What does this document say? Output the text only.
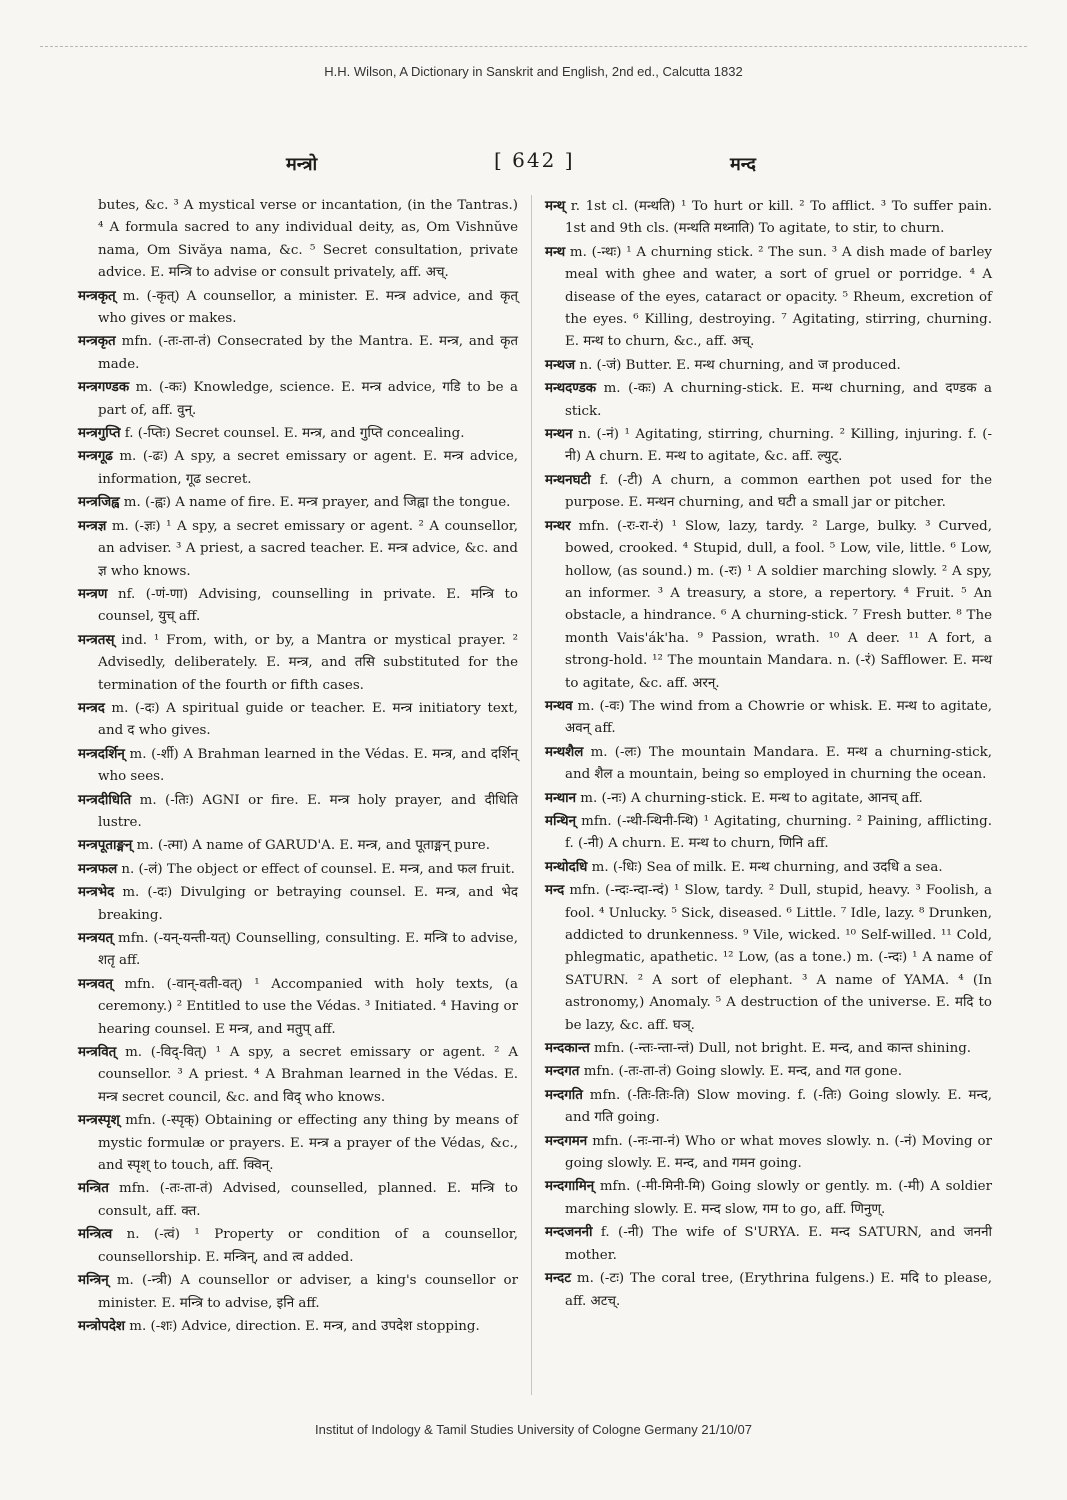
H.H. Wilson, A Dictionary in Sanskrit and English, 2nd ed., Calcutta 1832
मन्त्रो	[ 642 ]	मन्द

butes, &c. ³ A mystical verse or incantation, (in the Tantras.) ⁴ A formula sacred to any individual deity, as, Om Vishnŭve nama, Om Sivăya nama, &c. ⁵ Secret consultation, private advice. E. मन्त्रि to advise or consult privately, aff. अच्.

मन्त्रकृत् m. (-कृत्) A counsellor, a minister. E. मन्त्र advice, and कृत् who gives or makes.

मन्त्रकृत mfn. (-तः-ता-तं) Consecrated by the Mantra. E. मन्त्र, and कृत made.

मन्त्रगण्डक m. (-कः) Knowledge, science. E. मन्त्र advice, गडि to be a part of, aff. वुन्.

मन्त्रगुप्ति f. (-प्तिः) Secret counsel. E. मन्त्र, and गुप्ति concealing.

मन्त्रगूढ m. (-ढः) A spy, a secret emissary or agent. E. मन्त्र advice, information, गूढ secret.

मन्त्रजिह्व m. (-ह्वः) A name of fire. E. मन्त्र prayer, and जिह्वा the tongue.

मन्त्रज्ञ m. (-ज्ञः) ¹ A spy, a secret emissary or agent. ² A counsellor, an adviser. ³ A priest, a sacred teacher. E. मन्त्र advice, &c. and ज्ञ who knows.

मन्त्रण nf. (-णं-णा) Advising, counselling in private. E. मन्त्रि to counsel, युच् aff.

मन्त्रतस् ind. ¹ From, with, or by, a Mantra or mystical prayer. ² Advisedly, deliberately. E. मन्त्र, and तसि substituted for the termination of the fourth or fifth cases.

मन्त्रद m. (-दः) A spiritual guide or teacher. E. मन्त्र initiatory text, and द who gives.

मन्त्रदर्शिन् m. (-र्शी) A Brahman learned in the Védas. E. मन्त्र, and दर्शिन् who sees.

मन्त्रदीधिति m. (-तिः) AGNI or fire. E. मन्त्र holy prayer, and दीधिति lustre.

मन्त्रपूताङ्मन् m. (-त्मा) A name of GARUD'A. E. मन्त्र, and पूताङ्मन् pure.

मन्त्रफल n. (-लं) The object or effect of counsel. E. मन्त्र, and फल fruit.

मन्त्रभेद m. (-दः) Divulging or betraying counsel. E. मन्त्र, and भेद breaking.

मन्त्रयत् mfn. (-यन्-यन्ती-यत्) Counselling, consulting. E. मन्त्रि to advise, शतृ aff.

मन्त्रवत् mfn. (-वान्-वती-वत्) ¹ Accompanied with holy texts, (a ceremony.) ² Entitled to use the Védas. ³ Initiated. ⁴ Having or hearing counsel. E मन्त्र, and मतुप् aff.

मन्त्रवित् m. (-विद्-वित्) ¹ A spy, a secret emissary or agent. ² A counsellor. ³ A priest. ⁴ A Brahman learned in the Védas. E. मन्त्र secret council, &c. and विद् who knows.

मन्त्रस्पृश् mfn. (-स्पृक्) Obtaining or effecting any thing by means of mystic formulæ or prayers. E. मन्त्र a prayer of the Védas, &c., and स्पृश् to touch, aff. क्विन्.

मन्त्रित mfn. (-तः-ता-तं) Advised, counselled, planned. E. मन्त्रि to consult, aff. क्त.

मन्त्रित्व n. (-त्वं) ¹ Property or condition of a counsellor, counsellorship. E. मन्त्रिन्, and त्व added.

मन्त्रिन् m. (-न्त्री) A counsellor or adviser, a king's counsellor or minister. E. मन्त्रि to advise, इनि aff.

मन्त्रोपदेश m. (-शः) Advice, direction. E. मन्त्र, and उपदेश stopping.

मन्थ् r. 1st cl. (मन्थति) ¹ To hurt or kill. ² To afflict. ³ To suffer pain. 1st and 9th cls. (मन्थति मथ्नाति) To agitate, to stir, to churn.

मन्थ m. (-न्थः) ¹ A churning stick. ² The sun. ³ A dish made of barley meal with ghee and water, a sort of gruel or porridge. ⁴ A disease of the eyes, cataract or opacity. ⁵ Rheum, excretion of the eyes. ⁶ Killing, destroying. ⁷ Agitating, stirring, churning. E. मन्थ to churn, &c., aff. अच्.

मन्थज n. (-जं) Butter. E. मन्थ churning, and ज produced.

मन्थदण्डक m. (-कः) A churning-stick. E. मन्थ churning, and दण्डक a stick.

मन्थन n. (-नं) ¹ Agitating, stirring, churning. ² Killing, injuring. f. (-नी) A churn. E. मन्थ to agitate, &c. aff. ल्युट्.

मन्थनघटी f. (-टी) A churn, a common earthen pot used for the purpose. E. मन्थन churning, and घटी a small jar or pitcher.

मन्थर mfn. (-रः-रा-रं) ¹ Slow, lazy, tardy. ² Large, bulky. ³ Curved, bowed, crooked. ⁴ Stupid, dull, a fool. ⁵ Low, vile, little. ⁶ Low, hollow, (as sound.) m. (-रः) ¹ A soldier marching slowly. ² A spy, an informer. ³ A treasury, a store, a repertory. ⁴ Fruit. ⁵ An obstacle, a hindrance. ⁶ A churning-stick. ⁷ Fresh butter. ⁸ The month Vais'ák'ha. ⁹ Passion, wrath. ¹⁰ A deer. ¹¹ A fort, a strong-hold. ¹² The mountain Mandara. n. (-रं) Safflower. E. मन्थ to agitate, &c. aff. अरन्.

मन्थव m. (-वः) The wind from a Chowrie or whisk. E. मन्थ to agitate, अवन् aff.

मन्थशैल m. (-लः) The mountain Mandara. E. मन्थ a churning-stick, and शैल a mountain, being so employed in churning the ocean.

मन्थान m. (-नः) A churning-stick. E. मन्थ to agitate, आनच् aff.

मन्थिन् mfn. (-न्थी-न्थिनी-न्थि) ¹ Agitating, churning. ² Paining, afflicting. f. (-नी) A churn. E. मन्थ to churn, णिनि aff.

मन्थोदधि m. (-धिः) Sea of milk. E. मन्थ churning, and उदधि a sea.

मन्द mfn. (-न्दः-न्दा-न्दं) ¹ Slow, tardy. ² Dull, stupid, heavy. ³ Foolish, a fool. ⁴ Unlucky. ⁵ Sick, diseased. ⁶ Little. ⁷ Idle, lazy. ⁸ Drunken, addicted to drunkenness. ⁹ Vile, wicked. ¹⁰ Self-willed. ¹¹ Cold, phlegmatic, apathetic. ¹² Low, (as a tone.) m. (-न्दः) ¹ A name of SATURN. ² A sort of elephant. ³ A name of YAMA. ⁴ (In astronomy,) Anomaly. ⁵ A destruction of the universe. E. मदि to be lazy, &c. aff. घञ्.

मन्दकान्त mfn. (-न्तः-न्ता-न्तं) Dull, not bright. E. मन्द, and कान्त shining.

मन्दगत mfn. (-तः-ता-तं) Going slowly. E. मन्द, and गत gone.

मन्दगति mfn. (-तिः-तिः-ति) Slow moving. f. (-तिः) Going slowly. E. मन्द, and गति going.

मन्दगमन mfn. (-नः-ना-नं) Who or what moves slowly. n. (-नं) Moving or going slowly. E. मन्द, and गमन going.

मन्दगामिन् mfn. (-मी-मिनी-मि) Going slowly or gently. m. (-मी) A soldier marching slowly. E. मन्द slow, गम to go, aff. णिनुण्.

मन्दजननी f. (-नी) The wife of S'URYA. E. मन्द SATURN, and जननी mother.

मन्दट m. (-टः) The coral tree, (Erythrina fulgens.) E. मदि to please, aff. अटच्.

Institut of Indology & Tamil Studies University of Cologne Germany 21/10/07
